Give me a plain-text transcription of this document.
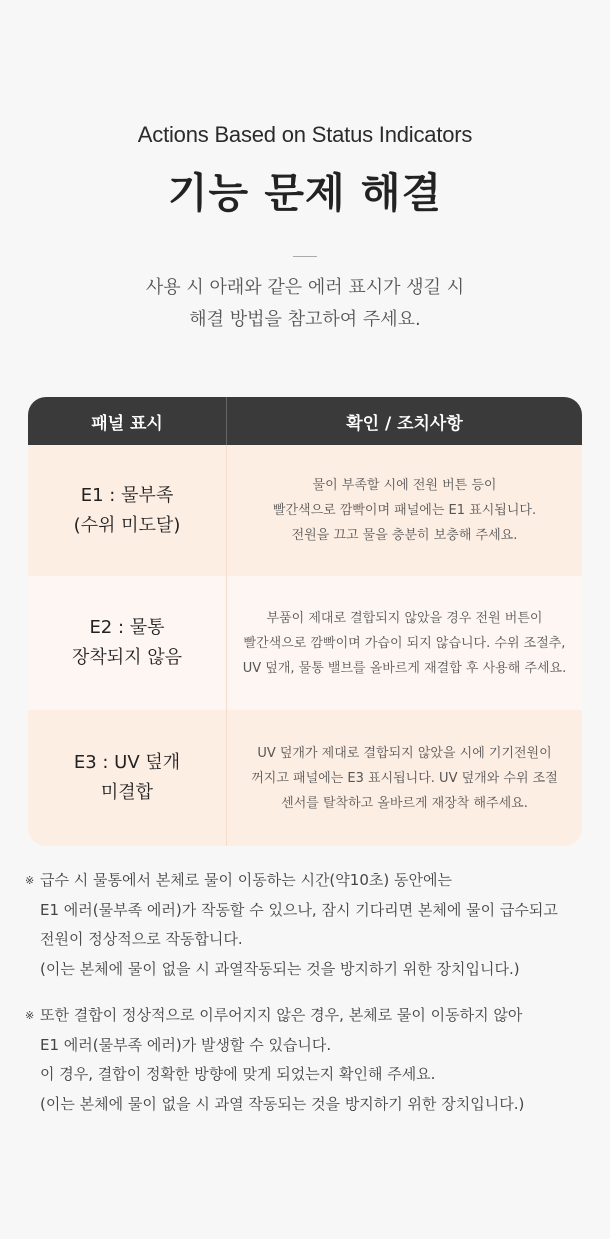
Actions Based on Status Indicators
기능 문제 해결
사용 시 아래와 같은 에러 표시가 생길 시
해결 방법을 참고하여 주세요.
패널 표시	확인 / 조치사항
E1 : 물부족
(수위 미도달)
물이 부족할 시에 전원 버튼 등이
빨간색으로 깜빡이며 패널에는 E1 표시됩니다.
전원을 끄고 물을 충분히 보충해 주세요.
E2 : 물통
장착되지 않음
부품이 제대로 결합되지 않았을 경우 전원 버튼이
빨간색으로 깜빡이며 가습이 되지 않습니다. 수위 조절추,
UV 덮개, 물통 밸브를 올바르게 재결합 후 사용해 주세요.
E3 : UV 덮개
미결합
UV 덮개가 제대로 결합되지 않았을 시에 기기전원이
꺼지고 패널에는 E3 표시됩니다. UV 덮개와 수위 조절
센서를 탈착하고 올바르게 재장착 해주세요.
※ 급수 시 물통에서 본체로 물이 이동하는 시간(약10초) 동안에는
E1 에러(물부족 에러)가 작동할 수 있으나, 잠시 기다리면 본체에 물이 급수되고
전원이 정상적으로 작동합니다.
(이는 본체에 물이 없을 시 과열작동되는 것을 방지하기 위한 장치입니다.)
※ 또한 결합이 정상적으로 이루어지지 않은 경우, 본체로 물이 이동하지 않아
E1 에러(물부족 에러)가 발생할 수 있습니다.
이 경우, 결합이 정확한 방향에 맞게 되었는지 확인해 주세요.
(이는 본체에 물이 없을 시 과열 작동되는 것을 방지하기 위한 장치입니다.)
